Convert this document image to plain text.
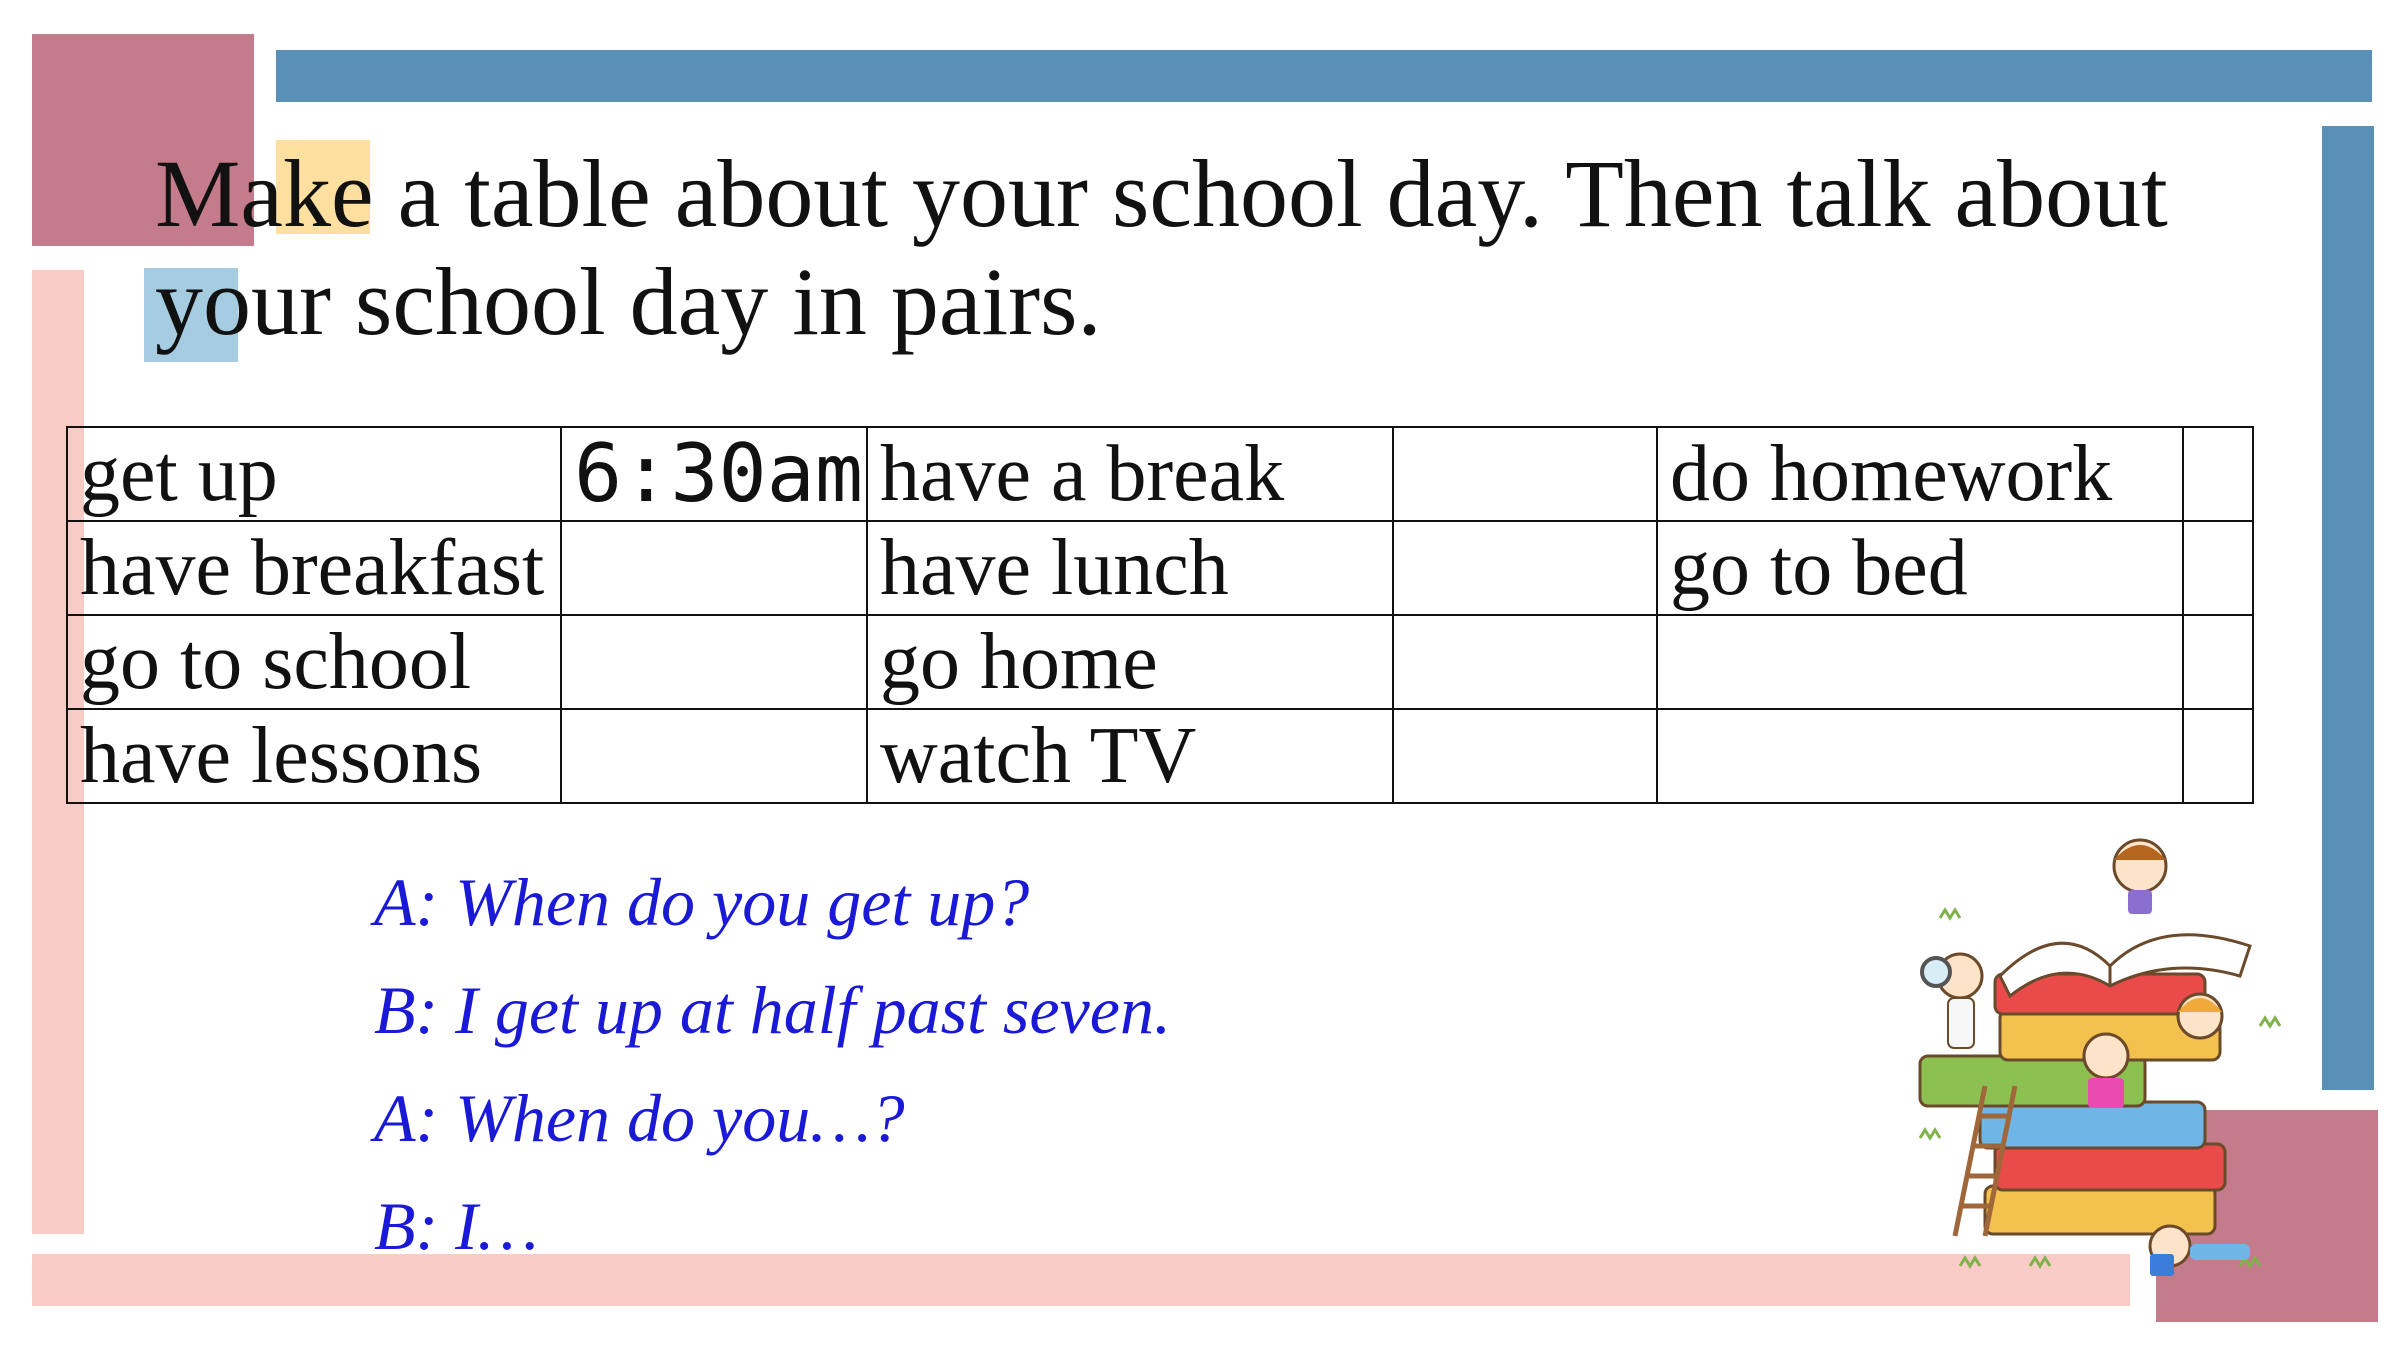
Make a table about your school day. Then talk about your school day in pairs.
get up	6:30am	have a break		do homework	
have breakfast		have lunch		go to bed	
go to school		go home			
have lessons		watch TV			
A: When do you get up?
B: I get up at half past seven.
A: When do you…?
B: I…
